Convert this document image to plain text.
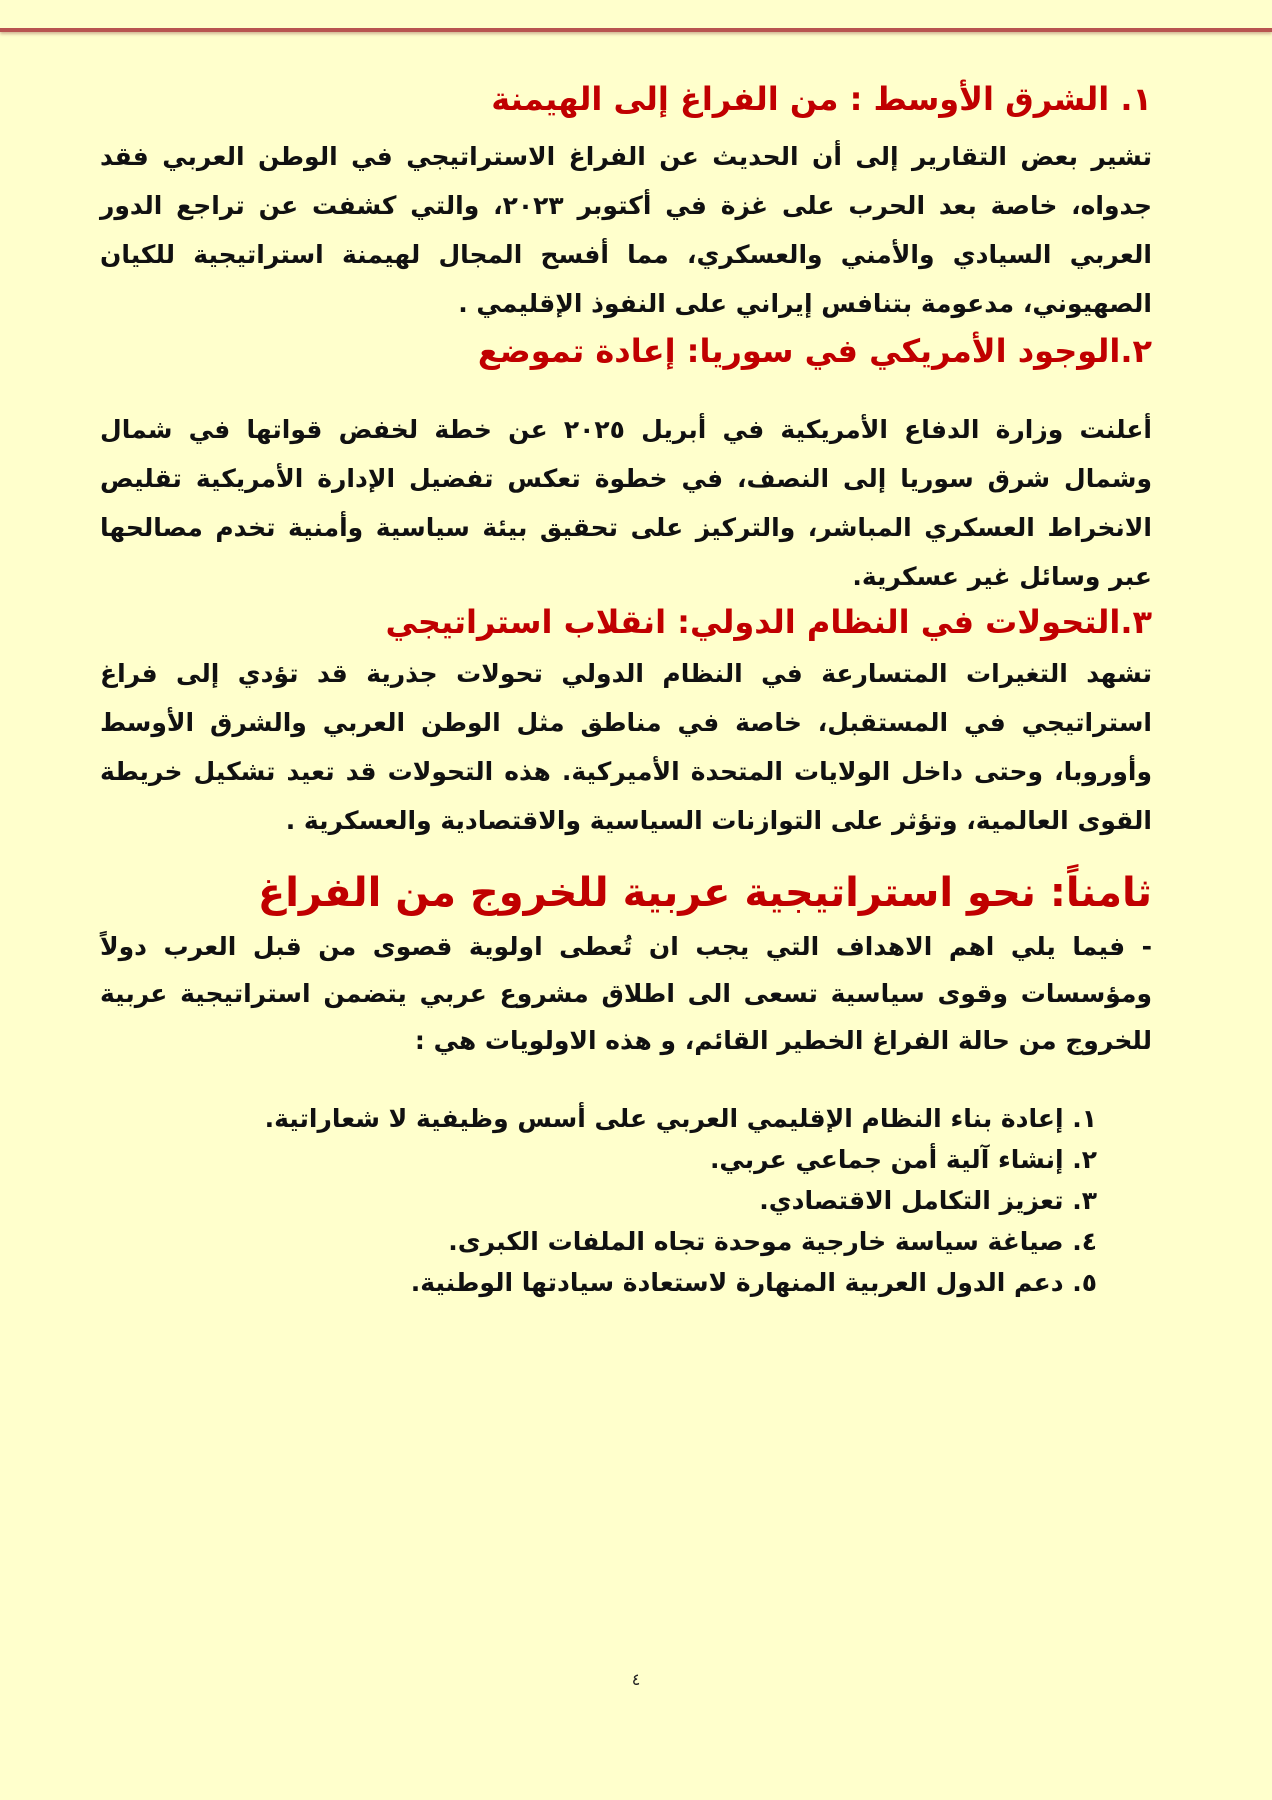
١. الشرق الأوسط : من الفراغ إلى الهيمنة

تشير بعض التقارير إلى أن الحديث عن الفراغ الاستراتيجي في الوطن العربي فقد جدواه، خاصة بعد الحرب على غزة في أكتوبر ٢٠٢٣، والتي كشفت عن تراجع الدور العربي السيادي والأمني والعسكري، مما أفسح المجال لهيمنة استراتيجية للكيان الصهيوني، مدعومة بتنافس إيراني على النفوذ الإقليمي .

٢.الوجود الأمريكي في سوريا: إعادة تموضع

أعلنت وزارة الدفاع الأمريكية في أبريل ٢٠٢٥ عن خطة لخفض قواتها في شمال وشمال شرق سوريا إلى النصف، في خطوة تعكس تفضيل الإدارة الأمريكية تقليص الانخراط العسكري المباشر، والتركيز على تحقيق بيئة سياسية وأمنية تخدم مصالحها عبر وسائل غير عسكرية.

٣.التحولات في النظام الدولي: انقلاب استراتيجي

تشهد التغيرات المتسارعة في النظام الدولي تحولات جذرية قد تؤدي إلى فراغ استراتيجي في المستقبل، خاصة في مناطق مثل الوطن العربي والشرق الأوسط وأوروبا، وحتى داخل الولايات المتحدة الأميركية. هذه التحولات قد تعيد تشكيل خريطة القوى العالمية، وتؤثر على التوازنات السياسية والاقتصادية والعسكرية .

ثامناً: نحو استراتيجية عربية للخروج من الفراغ

- فيما يلي اهم الاهداف التي يجب ان تُعطى اولوية قصوى من قبل العرب دولاً ومؤسسات وقوى سياسية تسعى الى اطلاق مشروع عربي يتضمن استراتيجية عربية للخروج من حالة الفراغ الخطير القائم، و هذه الاولويات هي :

١. إعادة بناء النظام الإقليمي العربي على أسس وظيفية لا شعاراتية.
٢. إنشاء آلية أمن جماعي عربي.
٣. تعزيز التكامل الاقتصادي.
٤. صياغة سياسة خارجية موحدة تجاه الملفات الكبرى.
٥. دعم الدول العربية المنهارة لاستعادة سيادتها الوطنية.
٤
